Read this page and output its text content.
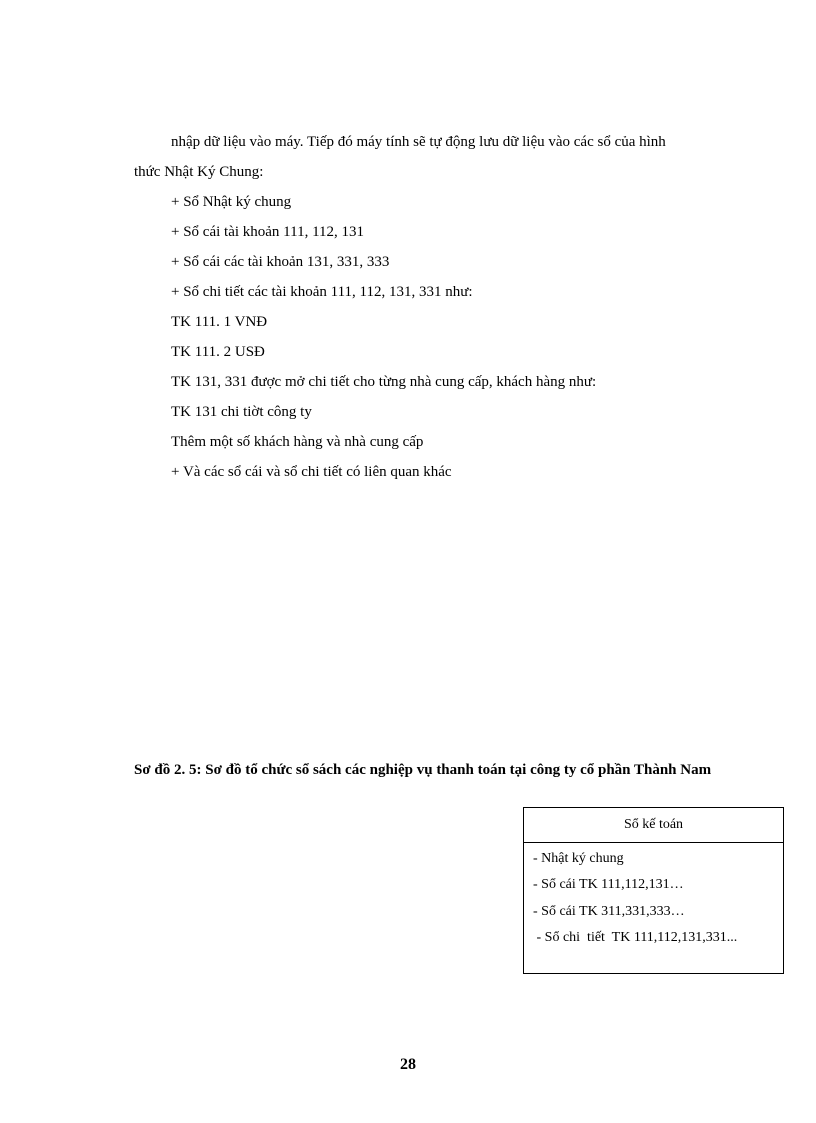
nhập dữ liệu vào máy. Tiếp đó máy tính sẽ tự động lưu dữ liệu vào các sổ của hình
thức Nhật Ký Chung:
+ Sổ Nhật ký chung
+ Sổ cái tài khoản 111, 112, 131
+ Sổ cái các tài khoản 131, 331, 333
+ Sổ chi tiết các tài khoản 111, 112, 131, 331 như:
TK 111. 1 VNĐ
TK 111. 2 USĐ
TK 131, 331 được mở chi tiết cho từng nhà cung cấp, khách hàng như:
TK 131 chi tiờt công ty
Thêm một số khách hàng và nhà cung cấp
+ Và các sổ cái và sổ chi tiết có liên quan khác
Sơ đồ 2. 5: Sơ đồ tổ chức sổ sách các nghiệp vụ thanh toán tại công ty cổ phần Thành Nam
Sổ kế toán
- Nhật ký chung
- Sổ cái TK 111,112,131…
- Sổ cái TK 311,331,333…
- Sổ chi  tiết  TK 111,112,131,331...
28
